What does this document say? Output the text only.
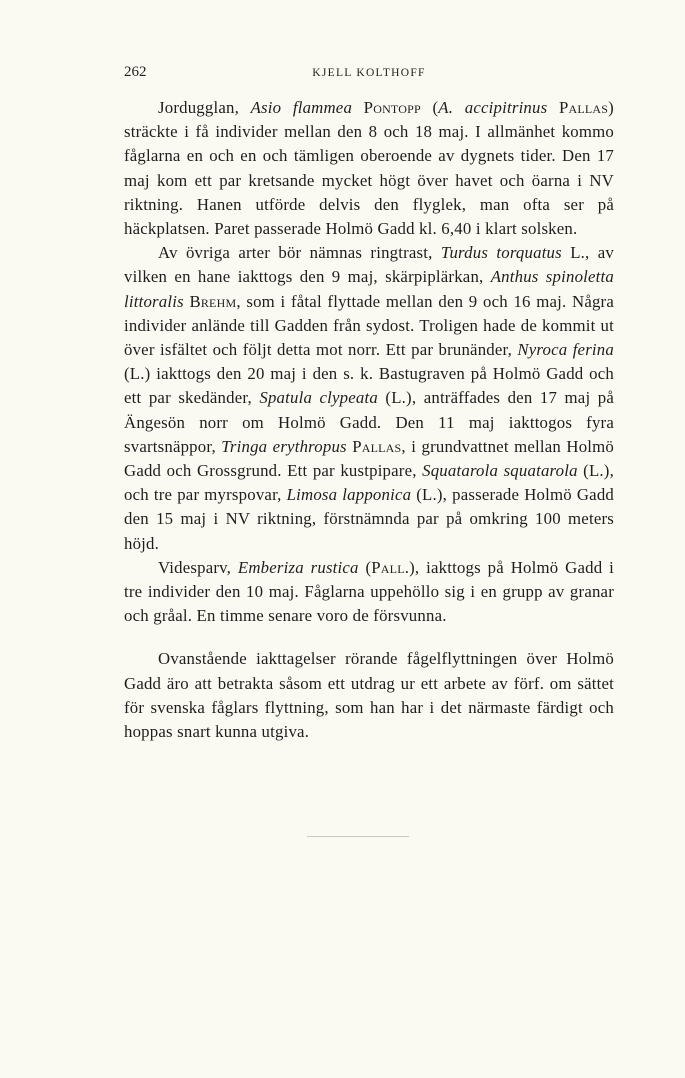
262	KJELL KOLTHOFF

Jordugglan, Asio flammea Pontopp (A. accipitrinus Pallas) sträckte i få individer mellan den 8 och 18 maj. I allmänhet kommo fåglarna en och en och tämligen oberoende av dygnets tider. Den 17 maj kom ett par kretsande mycket högt över havet och öarna i NV riktning. Hanen utförde delvis den flyglek, man ofta ser på häckplatsen. Paret passerade Holmö Gadd kl. 6,40 i klart solsken.

Av övriga arter bör nämnas ringtrast, Turdus torquatus L., av vilken en hane iakttogs den 9 maj, skärpiplärkan, Anthus spinoletta littoralis Brehm, som i fåtal flyttade mellan den 9 och 16 maj. Några individer anlände till Gadden från sydost. Troligen hade de kommit ut över isfältet och följt detta mot norr. Ett par brunänder, Nyroca ferina (L.) iakttogs den 20 maj i den s. k. Bastugraven på Holmö Gadd och ett par skedänder, Spatula clypeata (L.), anträffades den 17 maj på Ängesön norr om Holmö Gadd. Den 11 maj iakttogos fyra svartsnäppor, Tringa erythropus Pallas, i grundvattnet mellan Holmö Gadd och Grossgrund. Ett par kustpipare, Squatarola squatarola (L.), och tre par myrspovar, Limosa lapponica (L.), passerade Holmö Gadd den 15 maj i NV riktning, förstnämnda par på omkring 100 meters höjd.

Videsparv, Emberiza rustica (Pall.), iakttogs på Holmö Gadd i tre individer den 10 maj. Fåglarna uppehöllo sig i en grupp av granar och gråal. En timme senare voro de försvunna.

Ovanstående iakttagelser rörande fågelflyttningen över Holmö Gadd äro att betrakta såsom ett utdrag ur ett arbete av förf. om sättet för svenska fåglars flyttning, som han har i det närmaste färdigt och hoppas snart kunna utgiva.
